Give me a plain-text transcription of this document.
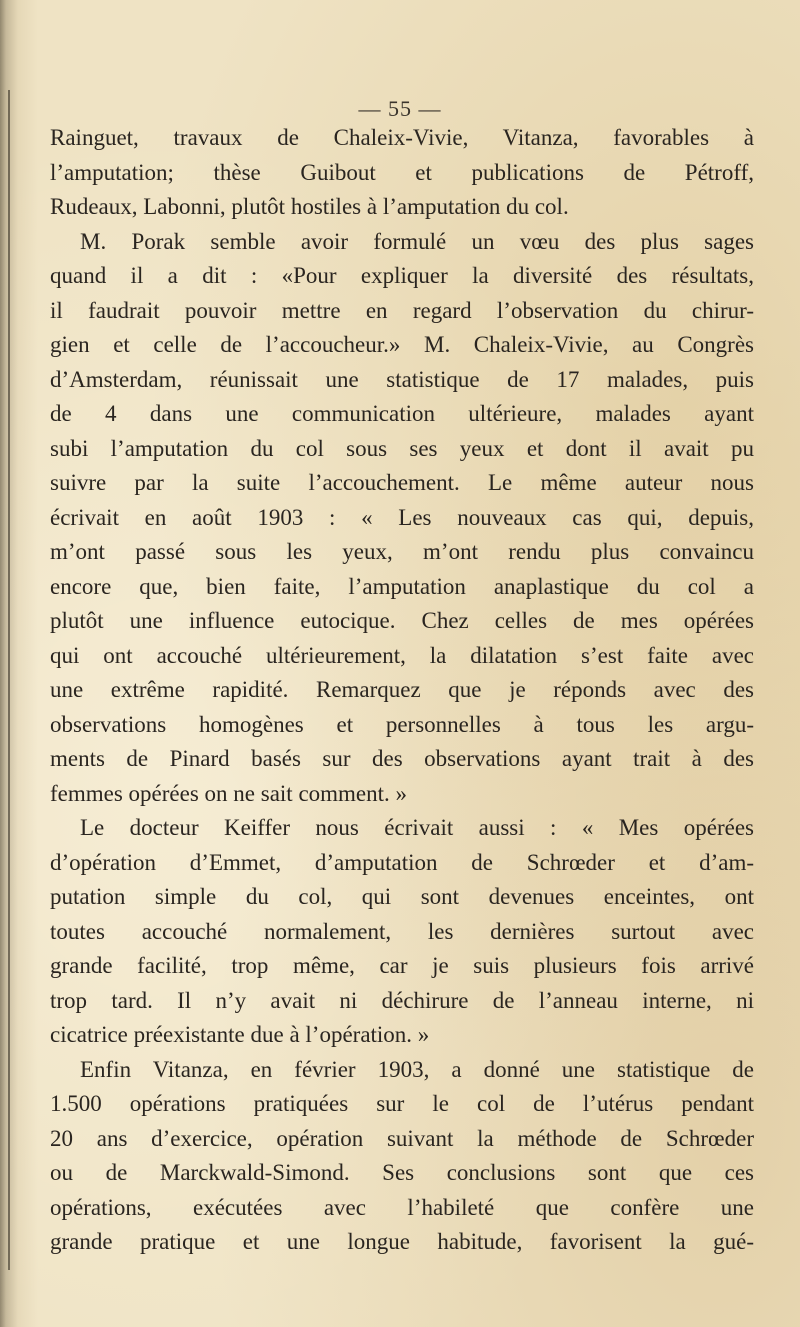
— 55 —
Rainguet, travaux de Chaleix-Vivie, Vitanza, favorables à
l’amputation; thèse Guibout et publications de Pétroff,
Rudeaux, Labonni, plutôt hostiles à l’amputation du col.
M. Porak semble avoir formulé un vœu des plus sages
quand il a dit : «Pour expliquer la diversité des résultats,
il faudrait pouvoir mettre en regard l’observation du chirur-
gien et celle de l’accoucheur.» M. Chaleix-Vivie, au Congrès
d’Amsterdam, réunissait une statistique de 17 malades, puis
de 4 dans une communication ultérieure, malades ayant
subi l’amputation du col sous ses yeux et dont il avait pu
suivre par la suite l’accouchement. Le même auteur nous
écrivait en août 1903 : « Les nouveaux cas qui, depuis,
m’ont passé sous les yeux, m’ont rendu plus convaincu
encore que, bien faite, l’amputation anaplastique du col a
plutôt une influence eutocique. Chez celles de mes opérées
qui ont accouché ultérieurement, la dilatation s’est faite avec
une extrême rapidité. Remarquez que je réponds avec des
observations homogènes et personnelles à tous les argu-
ments de Pinard basés sur des observations ayant trait à des
femmes opérées on ne sait comment. »
Le docteur Keiffer nous écrivait aussi : « Mes opérées
d’opération d’Emmet, d’amputation de Schrœder et d’am-
putation simple du col, qui sont devenues enceintes, ont
toutes accouché normalement, les dernières surtout avec
grande facilité, trop même, car je suis plusieurs fois arrivé
trop tard. Il n’y avait ni déchirure de l’anneau interne, ni
cicatrice préexistante due à l’opération. »
Enfin Vitanza, en février 1903, a donné une statistique de
1.500 opérations pratiquées sur le col de l’utérus pendant
20 ans d’exercice, opération suivant la méthode de Schrœder
ou de Marckwald-Simond. Ses conclusions sont que ces
opérations, exécutées avec l’habileté que confère une
grande pratique et une longue habitude, favorisent la gué-
